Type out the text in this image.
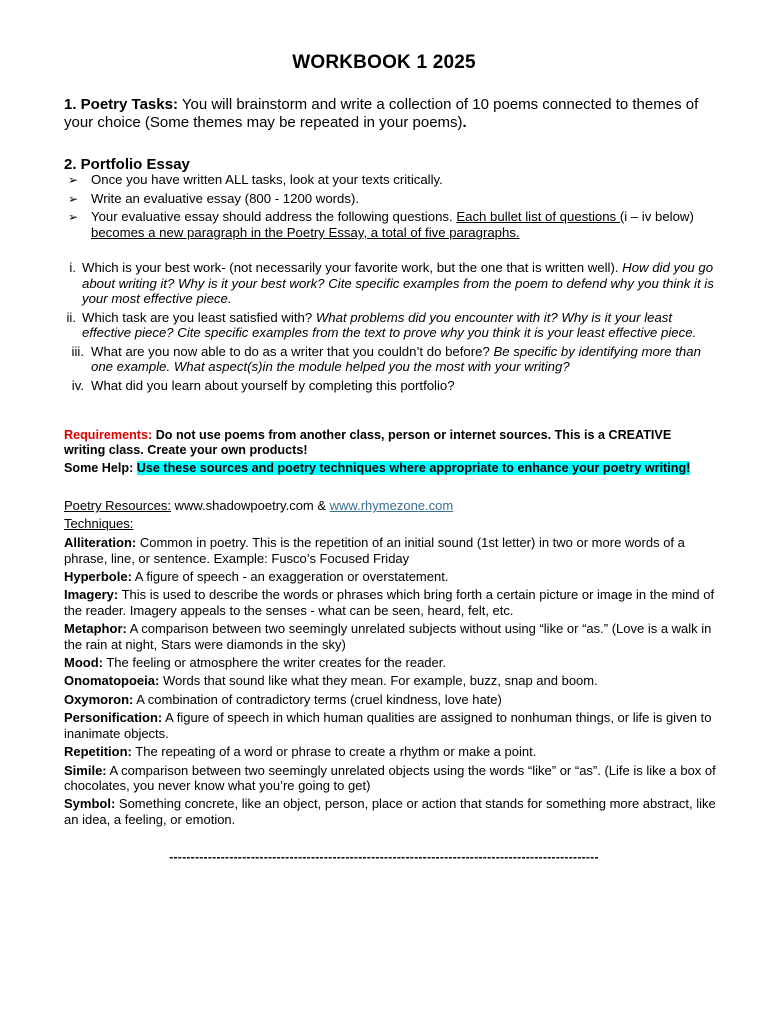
WORKBOOK 1 2025
1. Poetry Tasks: You will brainstorm and write a collection of 10 poems connected to themes of your choice (Some themes may be repeated in your poems).
2. Portfolio Essay
➢ Once you have written ALL tasks, look at your texts critically.
➢ Write an evaluative essay (800 - 1200 words).
➢ Your evaluative essay should address the following questions. Each bullet list of questions (i – iv below) becomes a new paragraph in the Poetry Essay, a total of five paragraphs.
i. Which is your best work- (not necessarily your favorite work, but the one that is written well). How did you go about writing it? Why is it your best work? Cite specific examples from the poem to defend why you think it is your most effective piece.
ii. Which task are you least satisfied with? What problems did you encounter with it? Why is it your least effective piece? Cite specific examples from the text to prove why you think it is your least effective piece.
iii. What are you now able to do as a writer that you couldn’t do before? Be specific by identifying more than one example. What aspect(s)in the module helped you the most with your writing?
iv. What did you learn about yourself by completing this portfolio?
Requirements: Do not use poems from another class, person or internet sources. This is a CREATIVE writing class. Create your own products!
Some Help: Use these sources and poetry techniques where appropriate to enhance your poetry writing!
Poetry Resources: www.shadowpoetry.com & www.rhymezone.com
Techniques:
Alliteration: Common in poetry. This is the repetition of an initial sound (1st letter) in two or more words of a phrase, line, or sentence. Example: Fusco’s Focused Friday
Hyperbole: A figure of speech - an exaggeration or overstatement.
Imagery: This is used to describe the words or phrases which bring forth a certain picture or image in the mind of the reader. Imagery appeals to the senses - what can be seen, heard, felt, etc.
Metaphor: A comparison between two seemingly unrelated subjects without using “like or “as.” (Love is a walk in the rain at night, Stars were diamonds in the sky)
Mood: The feeling or atmosphere the writer creates for the reader.
Onomatopoeia: Words that sound like what they mean. For example, buzz, snap and boom.
Oxymoron: A combination of contradictory terms (cruel kindness, love hate)
Personification: A figure of speech in which human qualities are assigned to nonhuman things, or life is given to inanimate objects.
Repetition: The repeating of a word or phrase to create a rhythm or make a point.
Simile: A comparison between two seemingly unrelated objects using the words “like” or “as”. (Life is like a box of chocolates, you never know what you’re going to get)
Symbol: Something concrete, like an object, person, place or action that stands for something more abstract, like an idea, a feeling, or emotion.
----------------------------------------------------------------------------------------------------
